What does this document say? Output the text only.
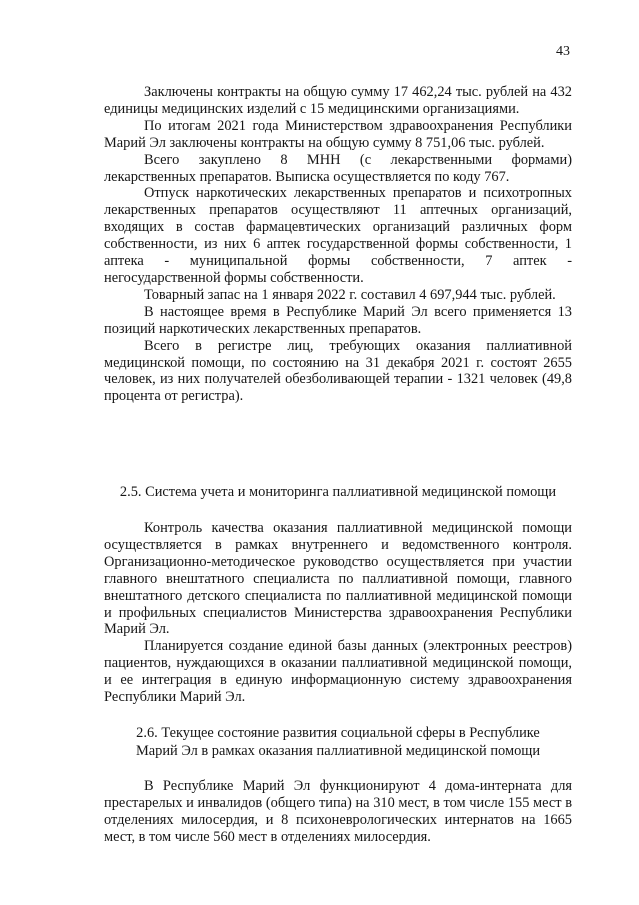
43

Заключены контракты на общую сумму 17 462,24 тыс. рублей на 432 единицы медицинских изделий с 15 медицинскими организациями.

По итогам 2021 года Министерством здравоохранения Республики Марий Эл заключены контракты на общую сумму 8 751,06 тыс. рублей.

Всего закуплено 8 МНН (с лекарственными формами) лекарственных препаратов. Выписка осуществляется по коду 767.

Отпуск наркотических лекарственных препаратов и психотропных лекарственных препаратов осуществляют 11 аптечных организаций, входящих в состав фармацевтических организаций различных форм собственности, из них 6 аптек государственной формы собственности, 1 аптека - муниципальной формы собственности, 7 аптек - негосударственной формы собственности.

Товарный запас на 1 января 2022 г. составил 4 697,944 тыс. рублей.

В настоящее время в Республике Марий Эл всего применяется 13 позиций наркотических лекарственных препаратов.

Всего в регистре лиц, требующих оказания паллиативной медицинской помощи, по состоянию на 31 декабря 2021 г. состоят 2655 человек, из них получателей обезболивающей терапии - 1321 человек (49,8 процента от регистра).

2.5. Система учета и мониторинга паллиативной медицинской помощи

Контроль качества оказания паллиативной медицинской помощи осуществляется в рамках внутреннего и ведомственного контроля. Организационно-методическое руководство осуществляется при участии главного внештатного специалиста по паллиативной помощи, главного внештатного детского специалиста по паллиативной медицинской помощи и профильных специалистов Министерства здравоохранения Республики Марий Эл.

Планируется создание единой базы данных (электронных реестров) пациентов, нуждающихся в оказании паллиативной медицинской помощи, и ее интеграция в единую информационную систему здравоохранения Республики Марий Эл.

2.6. Текущее состояние развития социальной сферы в Республике

Марий Эл в рамках оказания паллиативной медицинской помощи

В Республике Марий Эл функционируют 4 дома-интерната для престарелых и инвалидов (общего типа) на 310 мест, в том числе 155 мест в отделениях милосердия, и 8 психоневрологических интернатов на 1665 мест, в том числе 560 мест в отделениях милосердия.
